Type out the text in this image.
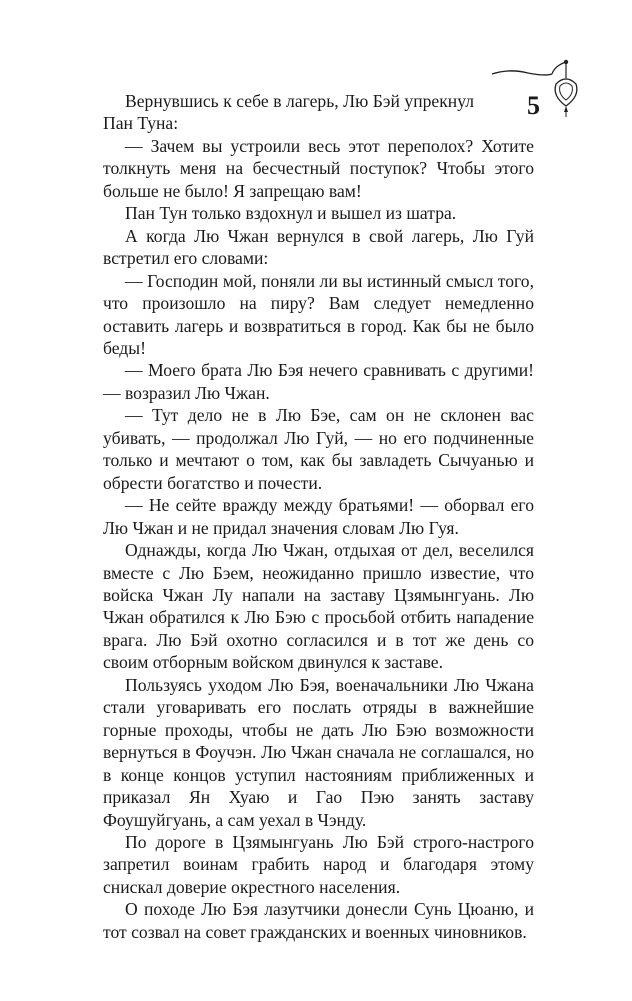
5

Вернувшись к себе в лагерь, Лю Бэй упрекнул Пан Туна:

— Зачем вы устроили весь этот переполох? Хотите толкнуть меня на бесчестный поступок? Чтобы этого больше не было! Я запрещаю вам!

Пан Тун только вздохнул и вышел из шатра.

А когда Лю Чжан вернулся в свой лагерь, Лю Гуй встретил его словами:

— Господин мой, поняли ли вы истинный смысл того, что произошло на пиру? Вам следует немедленно оставить лагерь и возвратиться в город. Как бы не было беды!

— Моего брата Лю Бэя нечего сравнивать с другими! — возразил Лю Чжан.

— Тут дело не в Лю Бэе, сам он не склонен вас убивать, — продолжал Лю Гуй, — но его подчиненные только и мечтают о том, как бы завладеть Сычуанью и обрести богатство и почести.

— Не сейте вражду между братьями! — оборвал его Лю Чжан и не придал значения словам Лю Гуя.

Однажды, когда Лю Чжан, отдыхая от дел, веселился вместе с Лю Бэем, неожиданно пришло известие, что войска Чжан Лу напали на заставу Цзямынгуань. Лю Чжан обратился к Лю Бэю с просьбой отбить нападение врага. Лю Бэй охотно согласился и в тот же день со своим отборным войском двинулся к заставе.

Пользуясь уходом Лю Бэя, военачальники Лю Чжана стали уговаривать его послать отряды в важнейшие горные проходы, чтобы не дать Лю Бэю возможности вернуться в Фоучэн. Лю Чжан сначала не соглашался, но в конце концов уступил настояниям приближенных и приказал Ян Хуаю и Гао Пэю занять заставу Фоушуйгуань, а сам уехал в Чэнду.

По дороге в Цзямынгуань Лю Бэй строго-настрого запретил воинам грабить народ и благодаря этому снискал доверие окрестного населения.

О походе Лю Бэя лазутчики донесли Сунь Цюаню, и тот созвал на совет гражданских и военных чиновников.
